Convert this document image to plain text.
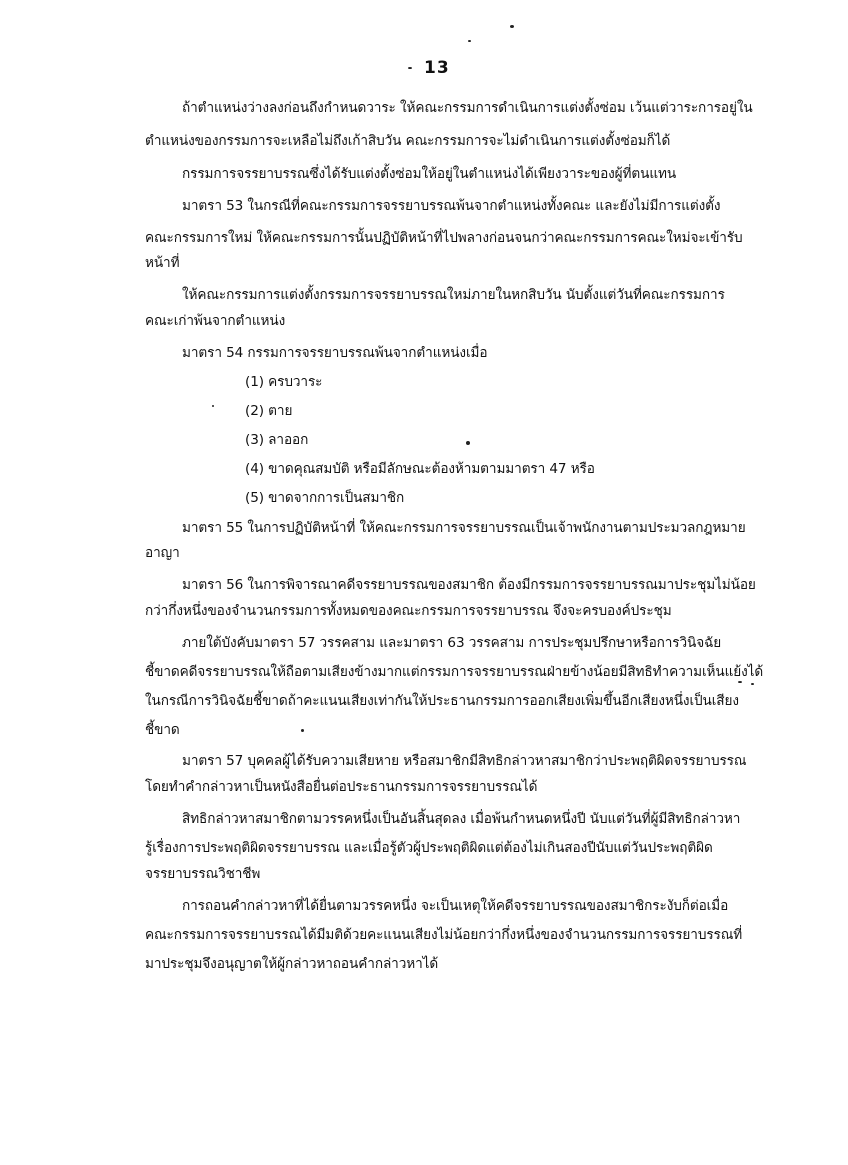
13
ถ้าตำแหน่งว่างลงก่อนถึงกำหนดวาระ ให้คณะกรรมการดำเนินการแต่งตั้งซ่อม เว้นแต่วาระการอยู่ใน
ตำแหน่งของกรรมการจะเหลือไม่ถึงเก้าสิบวัน คณะกรรมการจะไม่ดำเนินการแต่งตั้งซ่อมก็ได้
กรรมการจรรยาบรรณซึ่งได้รับแต่งตั้งซ่อมให้อยู่ในตำแหน่งได้เพียงวาระของผู้ที่ตนแทน
มาตรา 53 ในกรณีที่คณะกรรมการจรรยาบรรณพ้นจากตำแหน่งทั้งคณะ และยังไม่มีการแต่งตั้ง
คณะกรรมการใหม่ ให้คณะกรรมการนั้นปฏิบัติหน้าที่ไปพลางก่อนจนกว่าคณะกรรมการคณะใหม่จะเข้ารับ
หน้าที่
ให้คณะกรรมการแต่งตั้งกรรมการจรรยาบรรณใหม่ภายในหกสิบวัน นับตั้งแต่วันที่คณะกรรมการ
คณะเก่าพ้นจากตำแหน่ง
มาตรา 54 กรรมการจรรยาบรรณพ้นจากตำแหน่งเมื่อ
(1) ครบวาระ
(2) ตาย
(3) ลาออก
(4) ขาดคุณสมบัติ หรือมีลักษณะต้องห้ามตามมาตรา 47 หรือ
(5) ขาดจากการเป็นสมาชิก
มาตรา 55 ในการปฏิบัติหน้าที่ ให้คณะกรรมการจรรยาบรรณเป็นเจ้าพนักงานตามประมวลกฎหมาย
อาญา
มาตรา 56 ในการพิจารณาคดีจรรยาบรรณของสมาชิก ต้องมีกรรมการจรรยาบรรณมาประชุมไม่น้อย
กว่ากึ่งหนึ่งของจำนวนกรรมการทั้งหมดของคณะกรรมการจรรยาบรรณ จึงจะครบองค์ประชุม
ภายใต้บังคับมาตรา 57 วรรคสาม และมาตรา 63 วรรคสาม การประชุมปรึกษาหรือการวินิจฉัย
ชี้ขาดคดีจรรยาบรรณให้ถือตามเสียงข้างมากแต่กรรมการจรรยาบรรณฝ่ายข้างน้อยมีสิทธิทำความเห็นแย้งได้
ในกรณีการวินิจฉัยชี้ขาดถ้าคะแนนเสียงเท่ากันให้ประธานกรรมการออกเสียงเพิ่มขึ้นอีกเสียงหนึ่งเป็นเสียง
ชี้ขาด
มาตรา 57 บุคคลผู้ได้รับความเสียหาย หรือสมาชิกมีสิทธิกล่าวหาสมาชิกว่าประพฤติผิดจรรยาบรรณ
โดยทำคำกล่าวหาเป็นหนังสือยื่นต่อประธานกรรมการจรรยาบรรณได้
สิทธิกล่าวหาสมาชิกตามวรรคหนึ่งเป็นอันสิ้นสุดลง เมื่อพ้นกำหนดหนึ่งปี นับแต่วันที่ผู้มีสิทธิกล่าวหา
รู้เรื่องการประพฤติผิดจรรยาบรรณ และเมื่อรู้ตัวผู้ประพฤติผิดแต่ต้องไม่เกินสองปีนับแต่วันประพฤติผิด
จรรยาบรรณวิชาชีพ
การถอนคำกล่าวหาที่ได้ยื่นตามวรรคหนึ่ง จะเป็นเหตุให้คดีจรรยาบรรณของสมาชิกระงับก็ต่อเมื่อ
คณะกรรมการจรรยาบรรณได้มีมติด้วยคะแนนเสียงไม่น้อยกว่ากึ่งหนึ่งของจำนวนกรรมการจรรยาบรรณที่
มาประชุมจึงอนุญาตให้ผู้กล่าวหาถอนคำกล่าวหาได้
